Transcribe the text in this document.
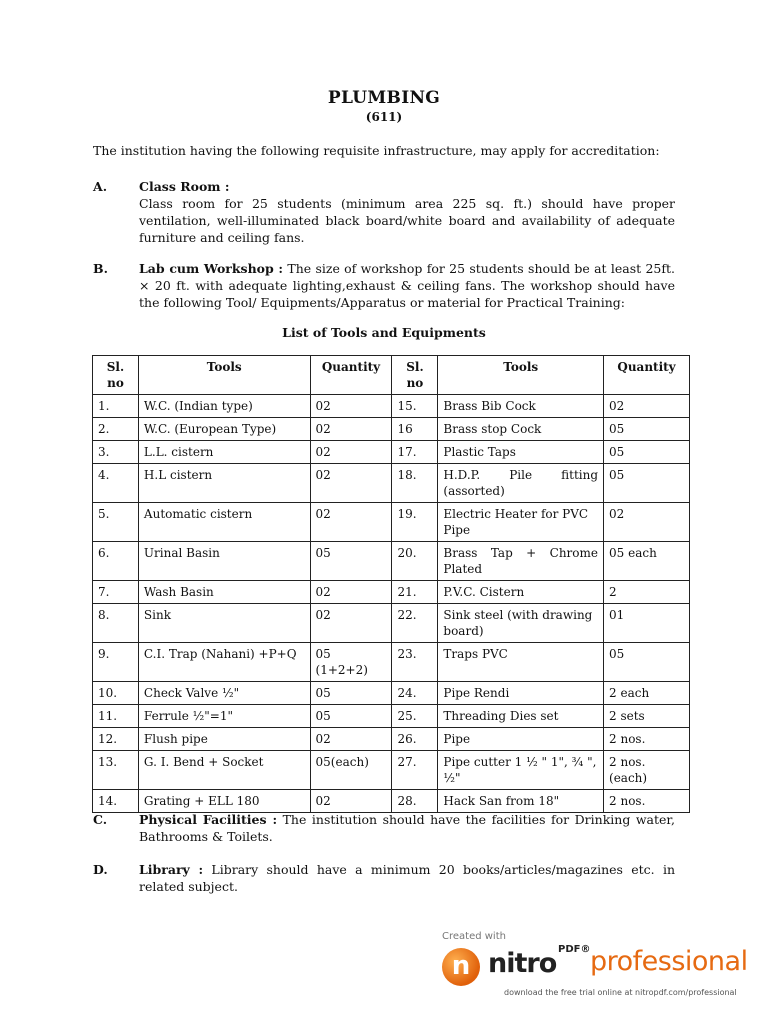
PLUMBING
(611)
The institution having the following requisite infrastructure, may apply for accreditation:
A.	Class Room :
Class room for 25 students (minimum area 225 sq. ft.) should have proper ventilation, well-illuminated black board/white board and availability of adequate furniture and ceiling fans.
B. Lab cum Workshop : The size of workshop for 25 students should be at least 25ft. × 20 ft. with adequate lighting,exhaust & ceiling fans. The workshop should have the following Tool/ Equipments/Apparatus or material for Practical Training:
List of Tools and Equipments
Sl. no	Tools	Quantity	Sl. no	Tools	Quantity
1.	W.C. (Indian type)	02	15.	Brass Bib Cock	02
2.	W.C. (European Type)	02	16	Brass stop Cock	05
3.	L.L. cistern	02	17.	Plastic Taps	05
4.	H.L cistern	02	18.	H.D.P. Pile fitting (assorted)	05
5.	Automatic cistern	02	19.	Electric Heater for PVC Pipe	02
6.	Urinal Basin	05	20.	Brass Tap + Chrome Plated	05 each
7.	Wash Basin	02	21.	P.V.C. Cistern	2
8.	Sink	02	22.	Sink steel (with drawing board)	01
9.	C.I. Trap (Nahani) +P+Q	05 (1+2+2)	23.	Traps PVC	05
10.	Check Valve ½"	05	24.	Pipe Rendi	2 each
11.	Ferrule ½"=1"	05	25.	Threading Dies set	2 sets
12.	Flush pipe	02	26.	Pipe	2 nos.
13.	G. I. Bend + Socket	05(each)	27.	Pipe cutter 1 ½ " 1", ¾ ", ½"	2 nos. (each)
14.	Grating + ELL 180	02	28.	Hack San from 18"	2 nos.
C.	Physical Facilities : The institution should have the facilities for Drinking water, Bathrooms & Toilets.
D.	Library : Library should have a minimum 20 books/articles/magazines etc. in related subject.
Created with
n nitro PDF® professional
download the free trial online at nitropdf.com/professional
